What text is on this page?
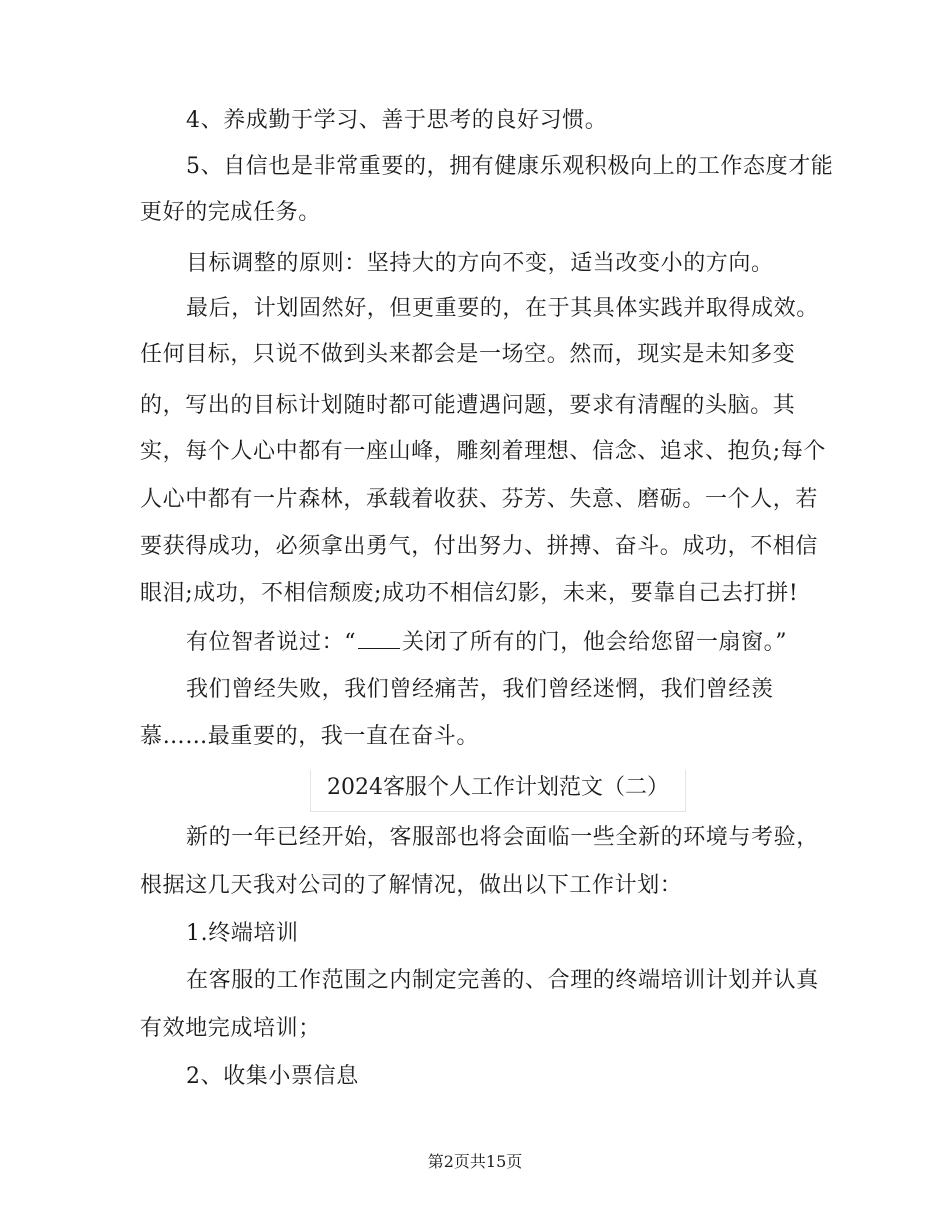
4、养成勤于学习、善于思考的良好习惯。
5、自信也是非常重要的，拥有健康乐观积极向上的工作态度才能
更好的完成任务。
目标调整的原则：坚持大的方向不变，适当改变小的方向。
最后，计划固然好，但更重要的，在于其具体实践并取得成效。
任何目标，只说不做到头来都会是一场空。然而，现实是未知多变
的，写出的目标计划随时都可能遭遇问题，要求有清醒的头脑。其
实，每个人心中都有一座山峰，雕刻着理想、信念、追求、抱负;每个
人心中都有一片森林，承载着收获、芬芳、失意、磨砺。一个人，若
要获得成功，必须拿出勇气，付出努力、拼搏、奋斗。成功，不相信
眼泪;成功，不相信颓废;成功不相信幻影，未来，要靠自己去打拼!
有位智者说过：“ 关闭了所有的门，他会给您留一扇窗。”
我们曾经失败，我们曾经痛苦，我们曾经迷惘，我们曾经羡
慕……最重要的，我一直在奋斗。
2024客服个人工作计划范文（二）
新的一年已经开始，客服部也将会面临一些全新的环境与考验，
根据这几天我对公司的了解情况，做出以下工作计划：
1.终端培训
在客服的工作范围之内制定完善的、合理的终端培训计划并认真
有效地完成培训；
2、收集小票信息
第2页共15页
